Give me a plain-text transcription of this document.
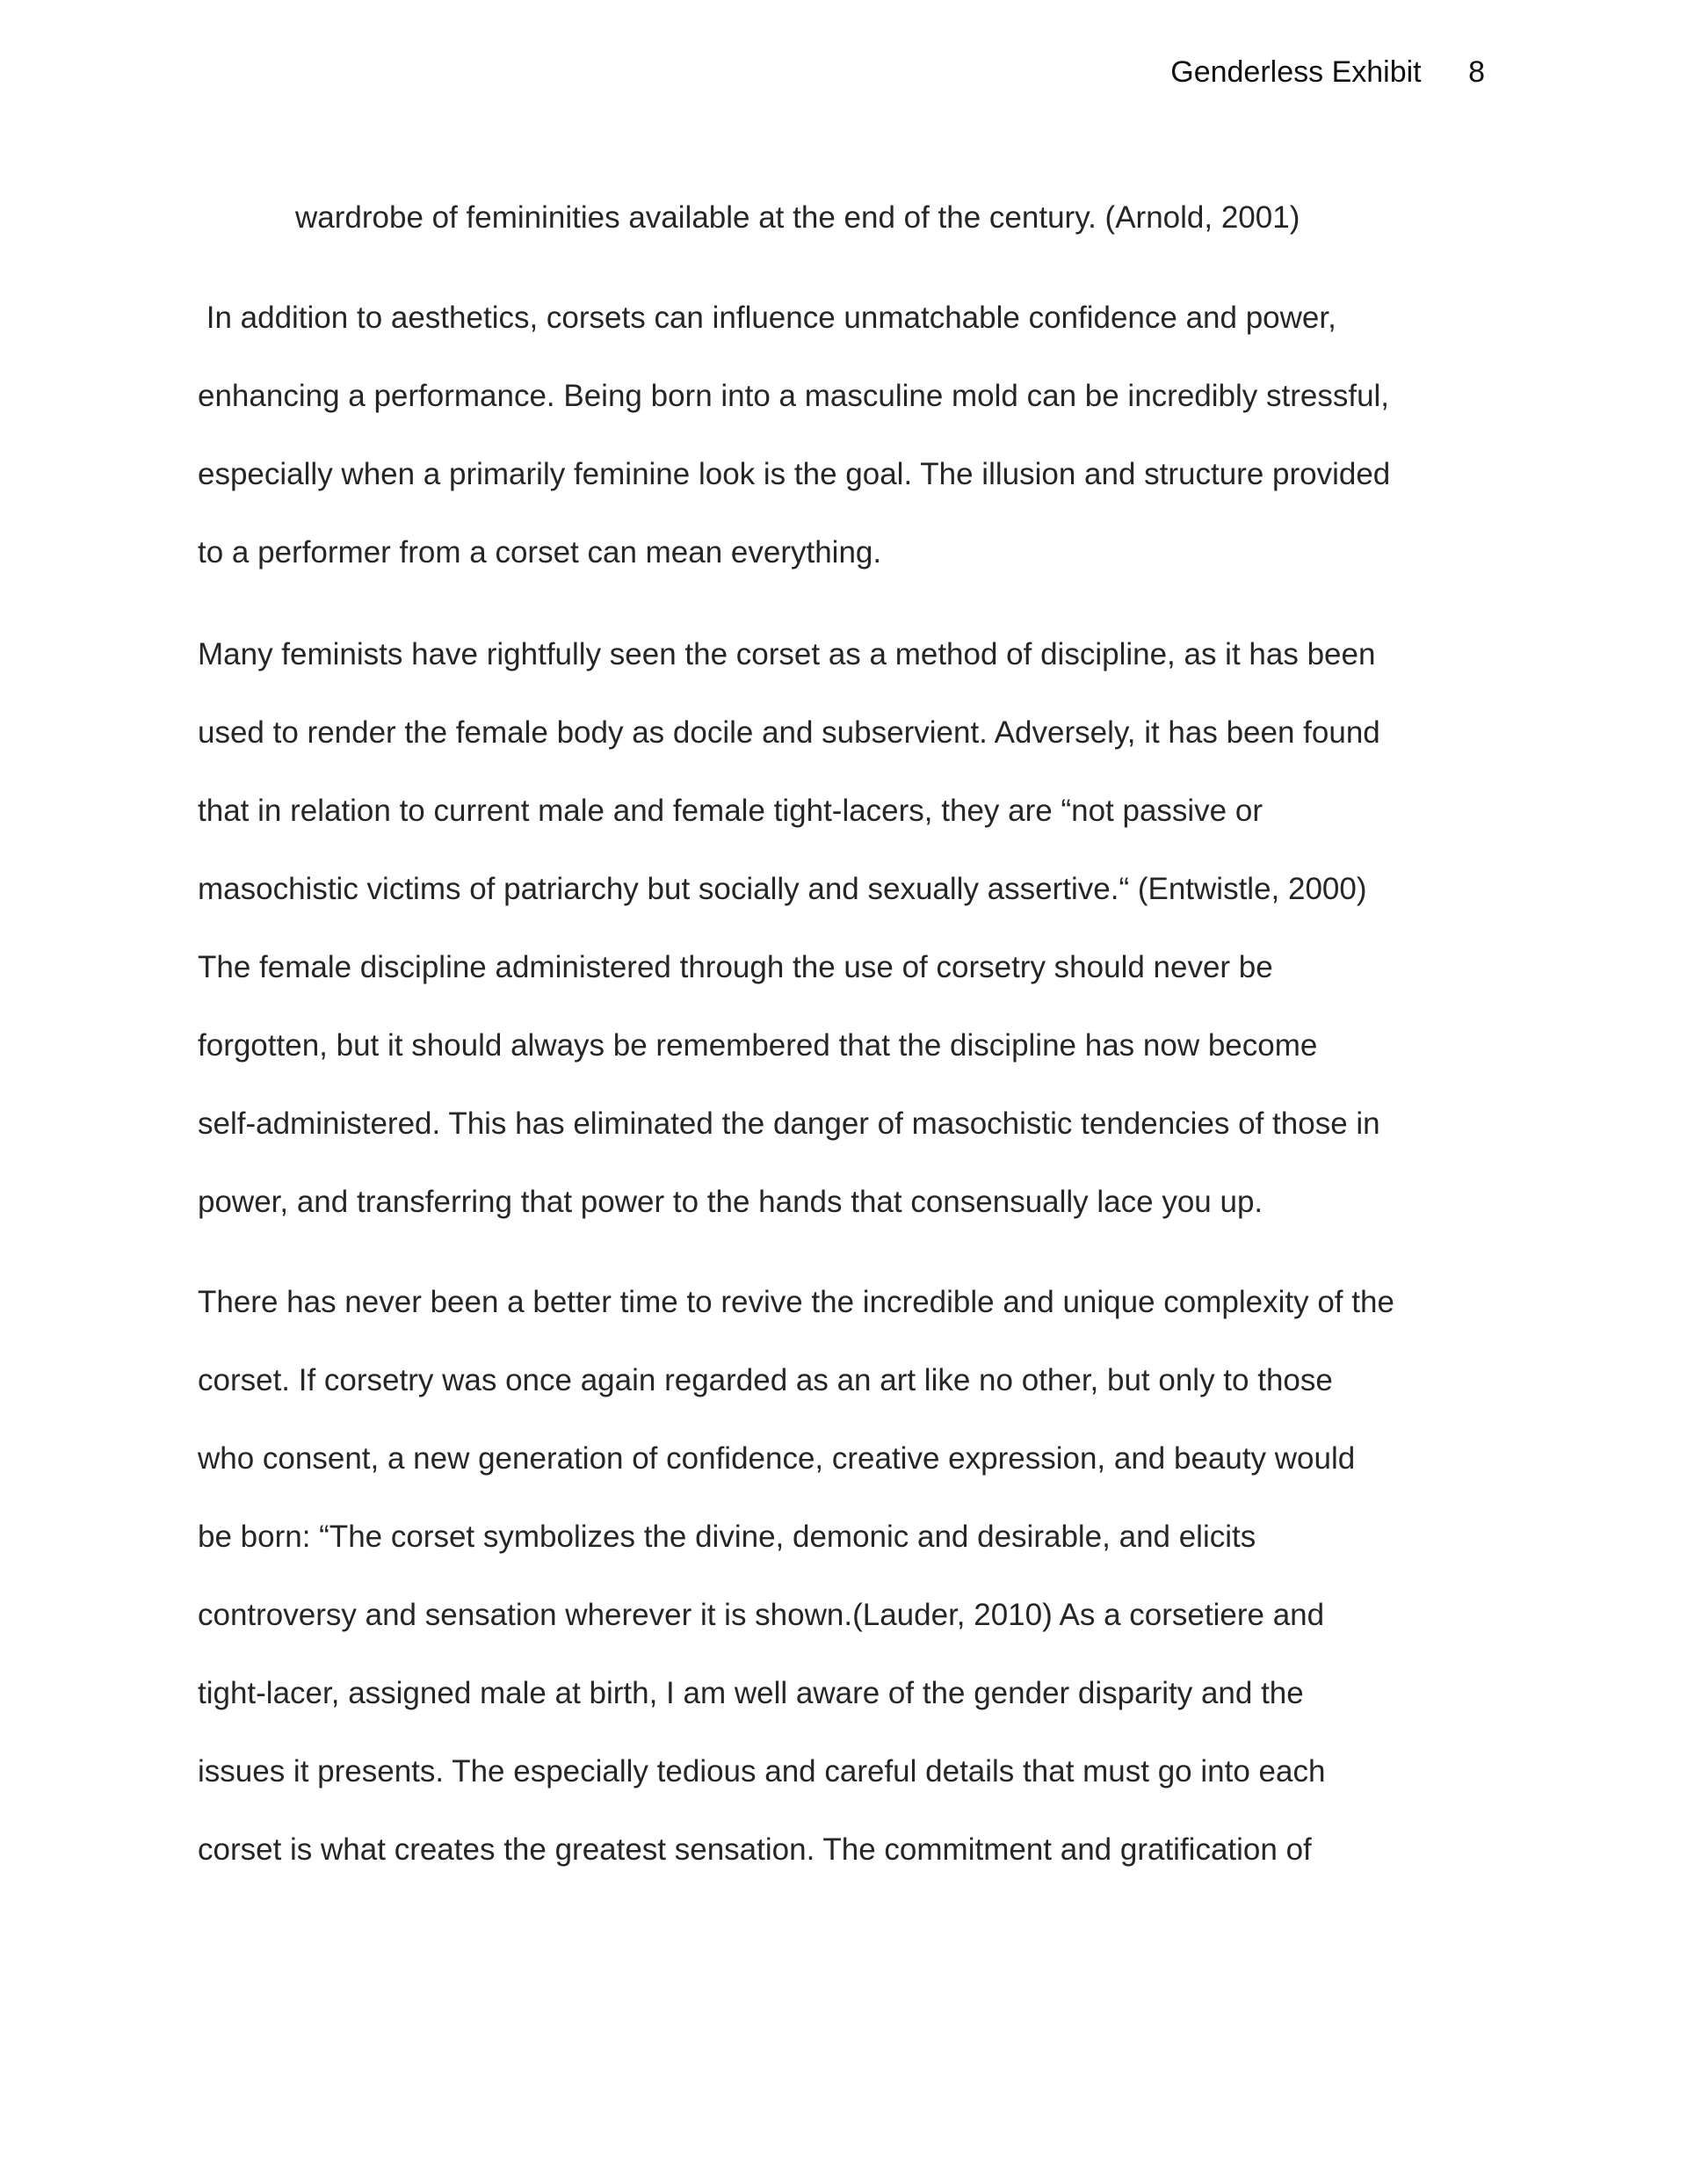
Genderless Exhibit 8
wardrobe of femininities available at the end of the century. (Arnold, 2001)
In addition to aesthetics, corsets can influence unmatchable confidence and power,
enhancing a performance. Being born into a masculine mold can be incredibly stressful,
especially when a primarily feminine look is the goal. The illusion and structure provided
to a performer from a corset can mean everything.
Many feminists have rightfully seen the corset as a method of discipline, as it has been
used to render the female body as docile and subservient. Adversely, it has been found
that in relation to current male and female tight-lacers, they are “not passive or
masochistic victims of patriarchy but socially and sexually assertive.“ (Entwistle, 2000)
The female discipline administered through the use of corsetry should never be
forgotten, but it should always be remembered that the discipline has now become
self-administered. This has eliminated the danger of masochistic tendencies of those in
power, and transferring that power to the hands that consensually lace you up.
There has never been a better time to revive the incredible and unique complexity of the
corset. If corsetry was once again regarded as an art like no other, but only to those
who consent, a new generation of confidence, creative expression, and beauty would
be born: “The corset symbolizes the divine, demonic and desirable, and elicits
controversy and sensation wherever it is shown.(Lauder, 2010) As a corsetiere and
tight-lacer, assigned male at birth, I am well aware of the gender disparity and the
issues it presents. The especially tedious and careful details that must go into each
corset is what creates the greatest sensation. The commitment and gratification of
